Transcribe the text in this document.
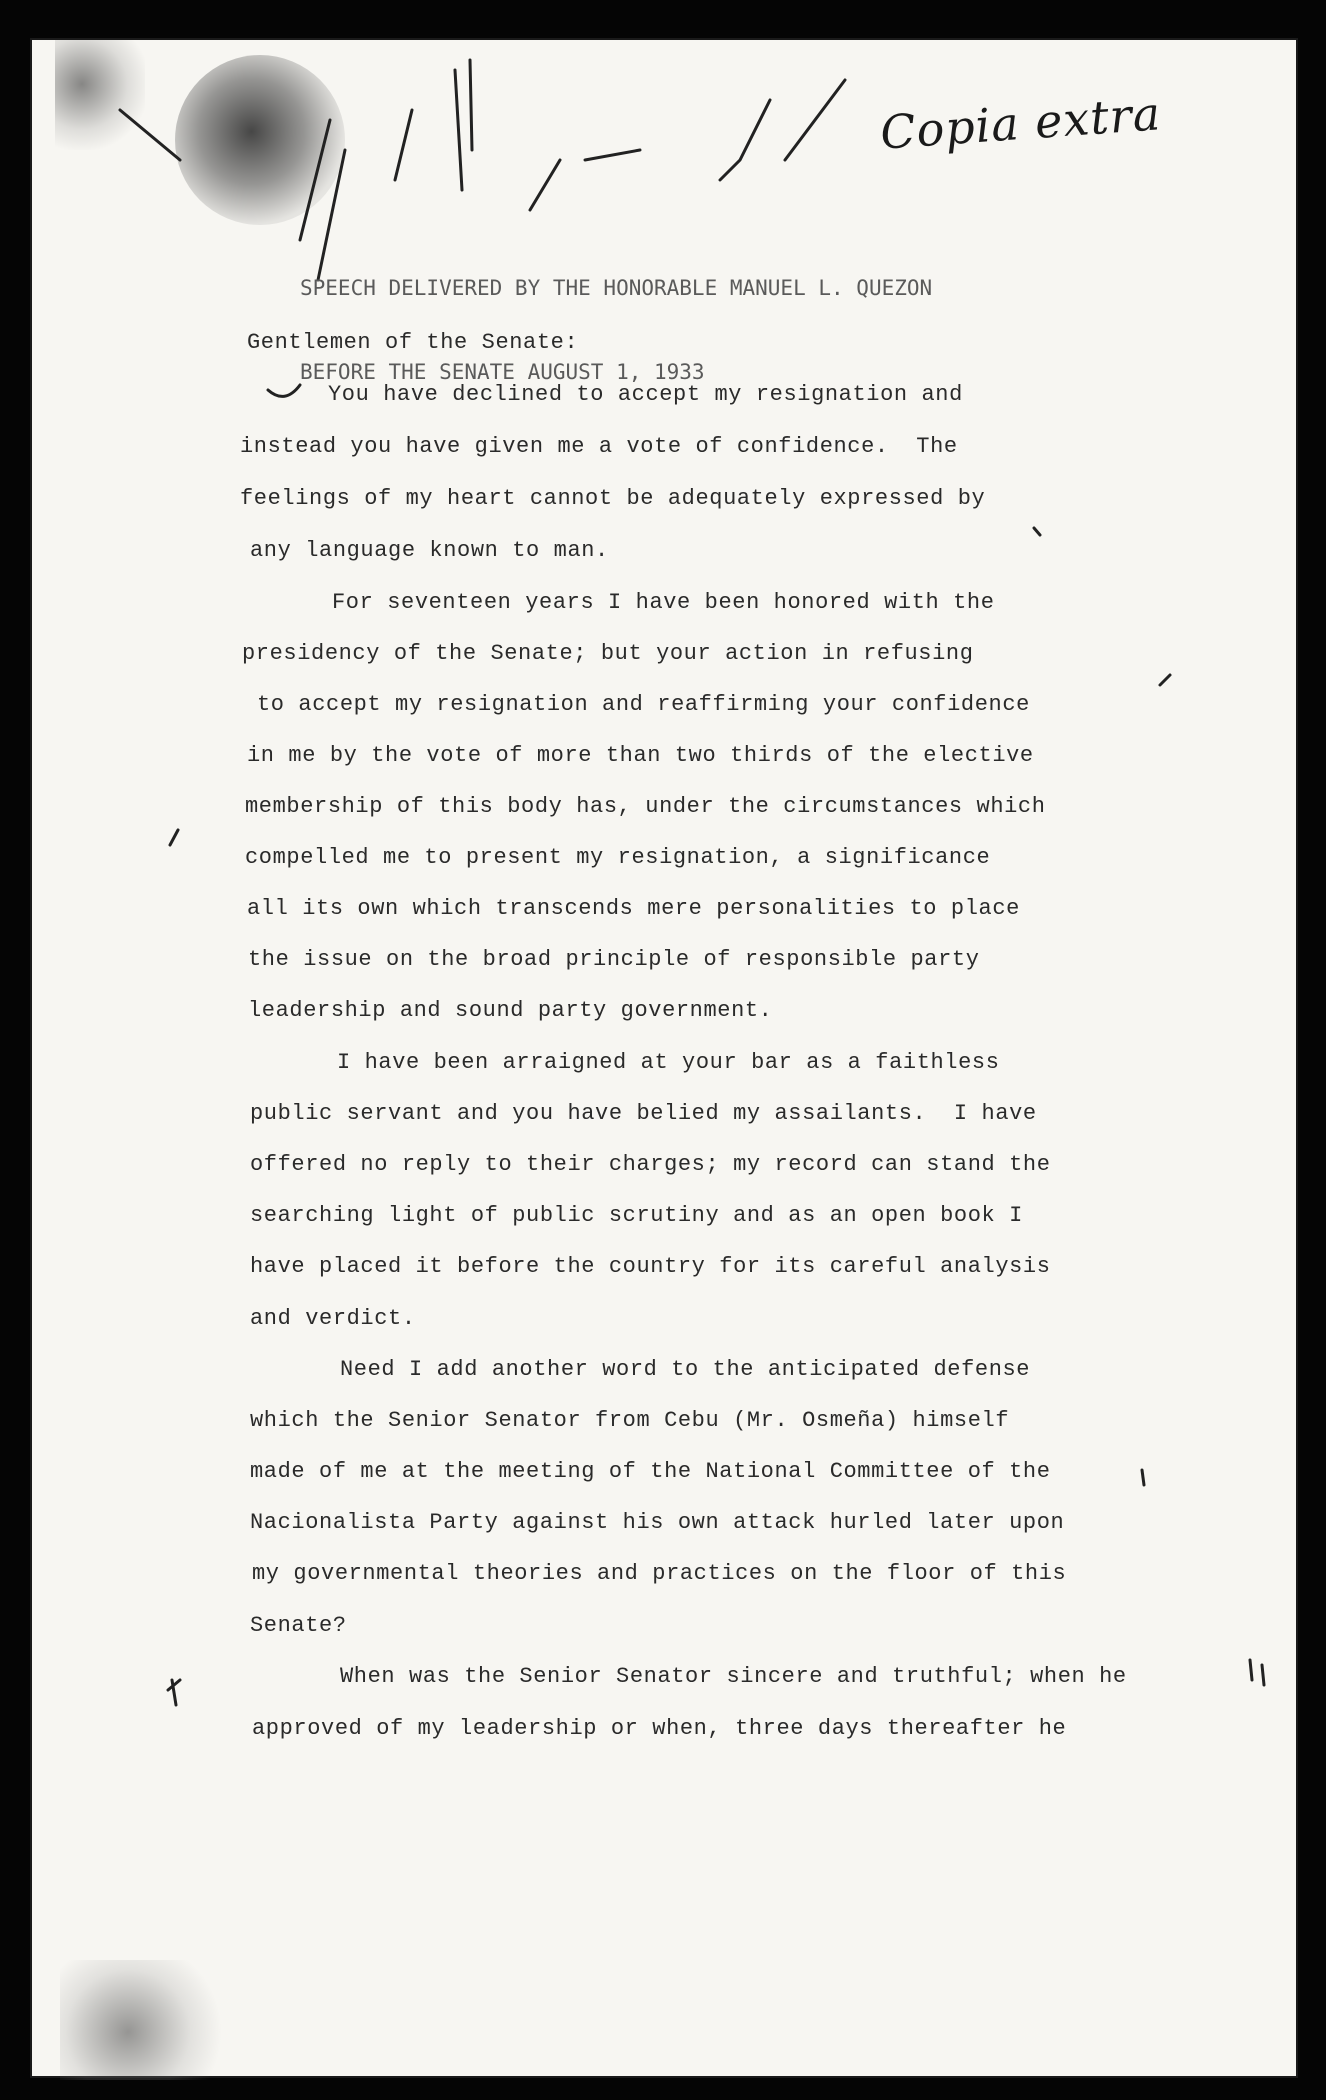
Copia extra

SPEECH DELIVERED BY THE HONORABLE MANUEL L. QUEZON

BEFORE THE SENATE AUGUST 1, 1933

Gentlemen of the Senate:
You have declined to accept my resignation and
instead you have given me a vote of confidence.  The
feelings of my heart cannot be adequately expressed by
any language known to man.
For seventeen years I have been honored with the
presidency of the Senate; but your action in refusing
to accept my resignation and reaffirming your confidence
in me by the vote of more than two thirds of the elective
membership of this body has, under the circumstances which
compelled me to present my resignation, a significance
all its own which transcends mere personalities to place
the issue on the broad principle of responsible party
leadership and sound party government.
I have been arraigned at your bar as a faithless
public servant and you have belied my assailants.  I have
offered no reply to their charges; my record can stand the
searching light of public scrutiny and as an open book I
have placed it before the country for its careful analysis
and verdict.
Need I add another word to the anticipated defense
which the Senior Senator from Cebu (Mr. Osmeña) himself
made of me at the meeting of the National Committee of the
Nacionalista Party against his own attack hurled later upon
my governmental theories and practices on the floor of this
Senate?
When was the Senior Senator sincere and truthful; when he
approved of my leadership or when, three days thereafter he
